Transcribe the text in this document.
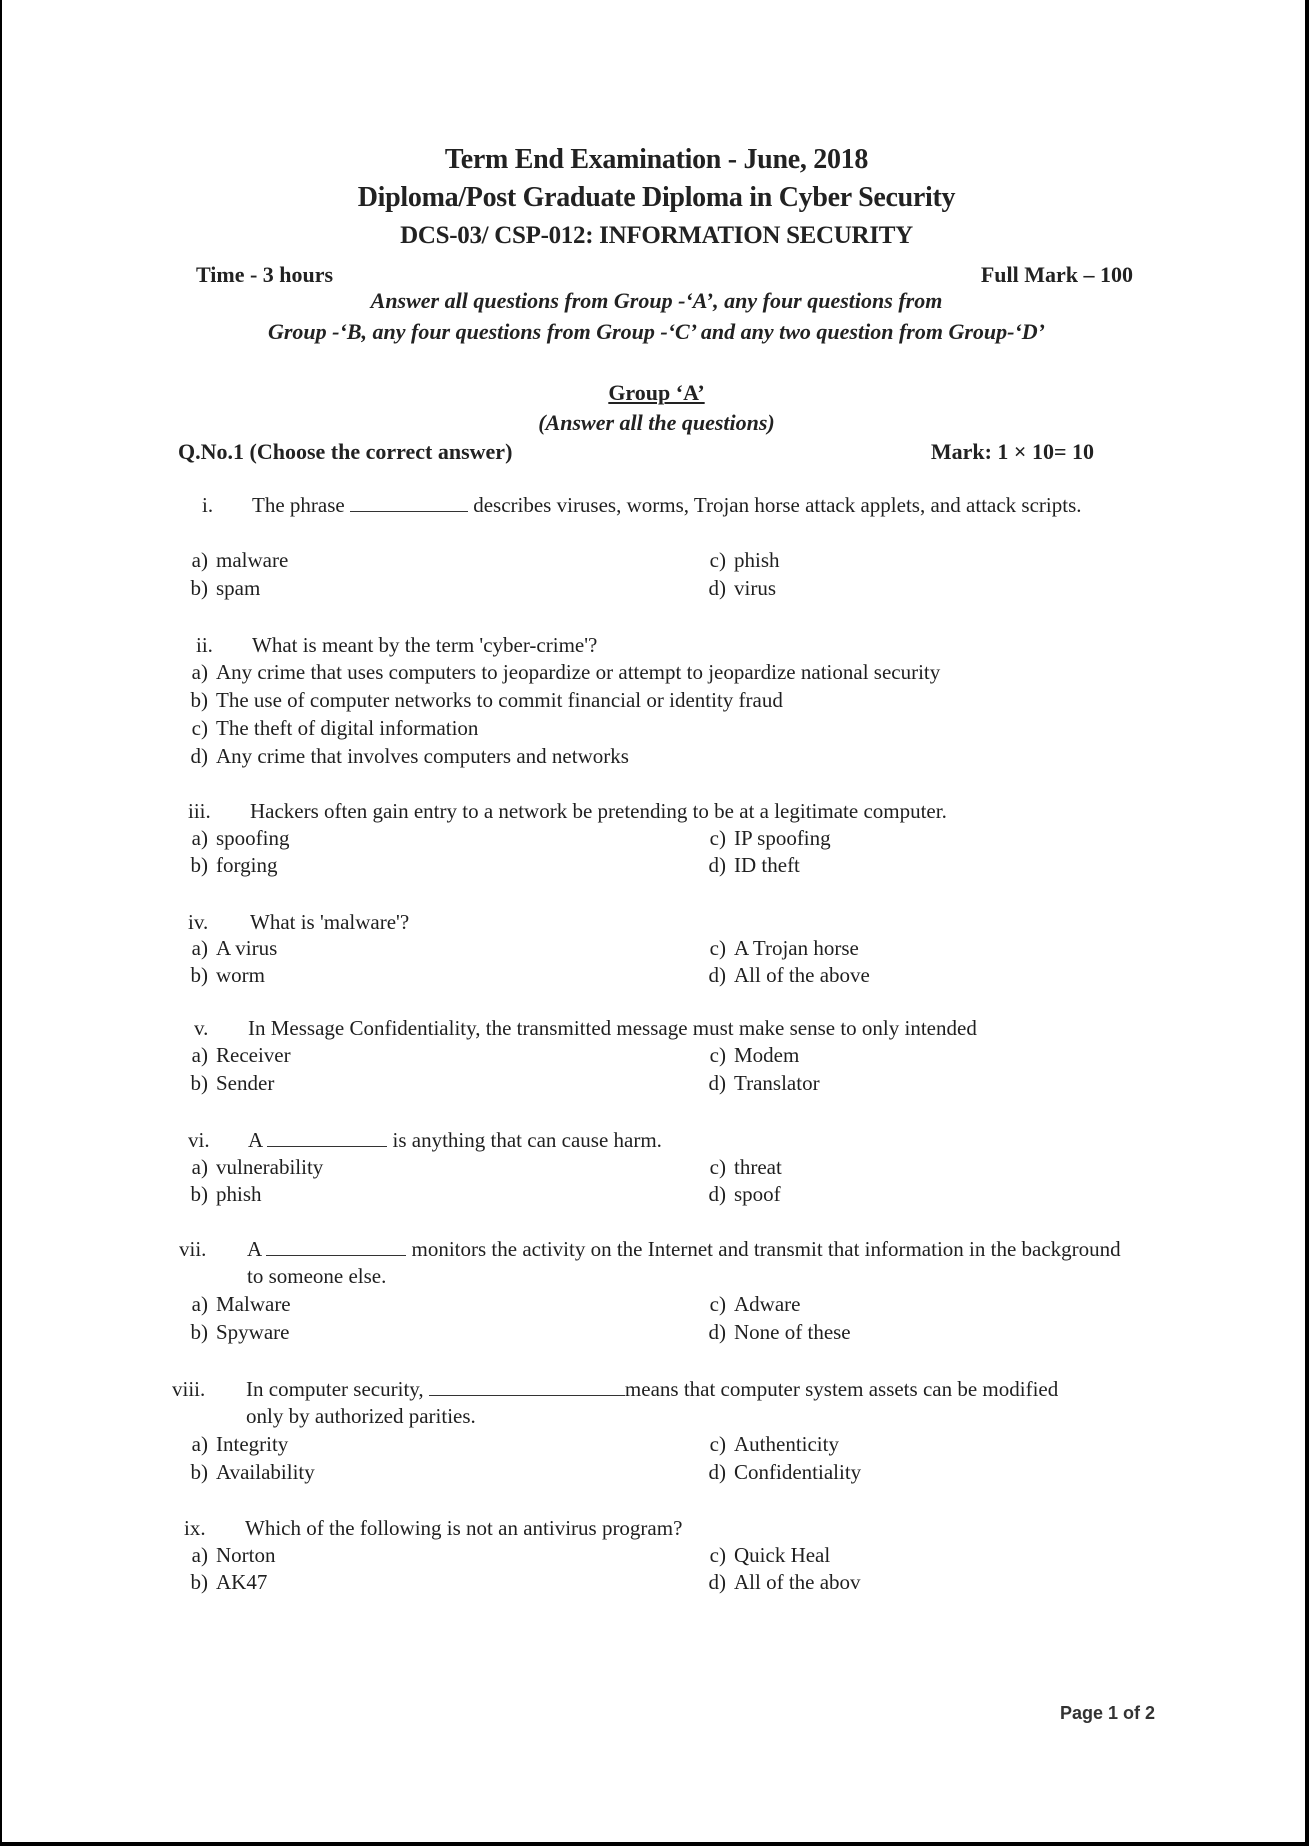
Term End Examination - June, 2018
Diploma/Post Graduate Diploma in Cyber Security
DCS-03/ CSP-012: INFORMATION SECURITY
Time - 3 hours	Full Mark – 100
Answer all questions from Group -‘A’, any four questions from
Group -‘B, any four questions from Group -‘C’ and any two question from Group-‘D’
Group ‘A’
(Answer all the questions)
Q.No.1 (Choose the correct answer)	Mark: 1 × 10= 10
i. The phrase	describes viruses, worms, Trojan horse attack applets, and attack scripts.
a) malware
b) spam
c) phish
d) virus
ii. What is meant by the term 'cyber-crime'?
a) Any crime that uses computers to jeopardize or attempt to jeopardize national security
b) The use of computer networks to commit financial or identity fraud
c) The theft of digital information
d) Any crime that involves computers and networks
iii. Hackers often gain entry to a network be pretending to be at a legitimate computer.
a) spoofing
b) forging
c) IP spoofing
d) ID theft
iv. What is 'malware'?
a) A virus
b) worm
c) A Trojan horse
d) All of the above
v. In Message Confidentiality, the transmitted message must make sense to only intended
a) Receiver
b) Sender
c) Modem
d) Translator
vi. A	is anything that can cause harm.
a) vulnerability
b) phish
c) threat
d) spoof
vii. A	monitors the activity on the Internet and transmit that information in the background to someone else.
a) Malware
b) Spyware
c) Adware
d) None of these
viii. In computer security,	means that computer system assets can be modified only by authorized parities.
a) Integrity
b) Availability
c) Authenticity
d) Confidentiality
ix. Which of the following is not an antivirus program?
a) Norton
b) AK47
c) Quick Heal
d) All of the abov
Page 1 of 2
